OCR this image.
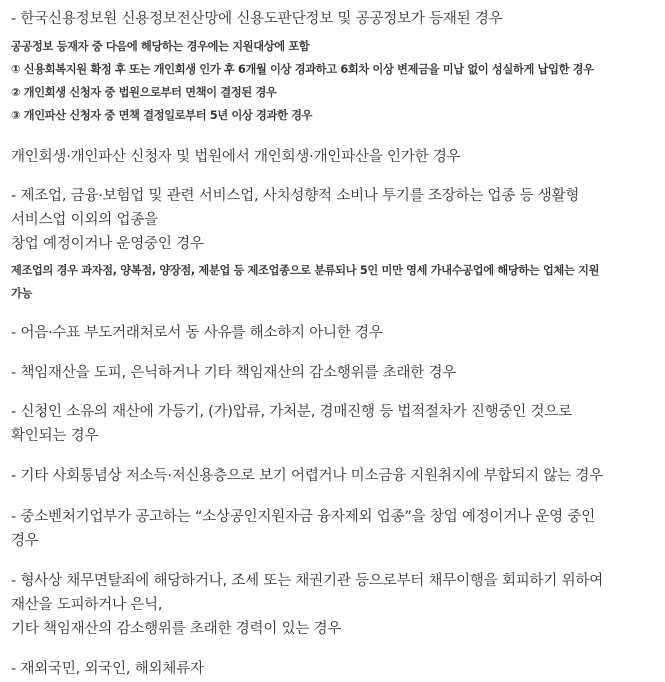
- 한국신용정보원 신용정보전산망에 신용도판단정보 및 공공정보가 등재된 경우
공공정보 등재자 중 다음에 해당하는 경우에는 지원대상에 포함
① 신용회복지원 확정 후 또는 개인회생 인가 후 6개월 이상 경과하고 6회차 이상 변제금을 미납 없이 성실하게 납입한 경우
② 개인회생 신청자 중 법원으로부터 면책이 결정된 경우
③ 개인파산 신청자 중 면책 결정일로부터 5년 이상 경과한 경우
개인회생·개인파산 신청자 및 법원에서 개인회생·개인파산을 인가한 경우
- 제조업, 금융·보험업 및 관련 서비스업, 사치성향적 소비나 투기를 조장하는 업종 등 생활형
서비스업 이외의 업종을
창업 예정이거나 운영중인 경우
제조업의 경우 과자점, 양복점, 양장점, 제분업 등 제조업종으로 분류되나 5인 미만 영세 가내수공업에 해당하는 업체는 지원
가능
- 어음·수표 부도거래처로서 동 사유를 해소하지 아니한 경우
- 책임재산을 도피, 은닉하거나 기타 책임재산의 감소행위를 초래한 경우
- 신청인 소유의 재산에 가등기, (가)압류, 가처분, 경매진행 등 법적절차가 진행중인 것으로
확인되는 경우
- 기타 사회통념상 저소득·저신용층으로 보기 어렵거나 미소금융 지원취지에 부합되지 않는 경우
- 중소벤처기업부가 공고하는 “소상공인지원자금 융자제외 업종”을 창업 예정이거나 운영 중인
경우
- 형사상 채무면탈죄에 해당하거나, 조세 또는 채권기관 등으로부터 채무이행을 회피하기 위하여
재산을 도피하거나 은닉,
기타 책임재산의 감소행위를 초래한 경력이 있는 경우
- 재외국민, 외국인, 해외체류자
